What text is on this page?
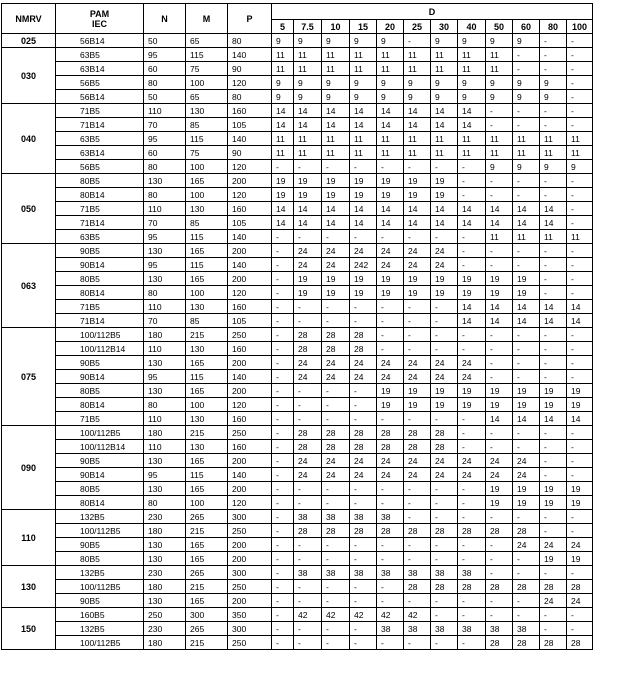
NMRV	PAM
IEC	N	M	P	D											
					5	7.5	10	15	20	25	30	40	50	60	80	100
025	56B14	50	65	80	9	9	9	9	9	-	9	9	9	9	-	-
030	63B5	95	115	140	11	11	11	11	11	11	11	11	11	-	-	-
	63B14	60	75	90	11	11	11	11	11	11	11	11	11	-	-	-
	56B5	80	100	120	9	9	9	9	9	9	9	9	9	9	9	-
	56B14	50	65	80	9	9	9	9	9	9	9	9	9	9	9	-
040	71B5	110	130	160	14	14	14	14	14	14	14	14	-	-	-	-
	71B14	70	85	105	14	14	14	14	14	14	14	14	-	-	-	-
	63B5	95	115	140	11	11	11	11	11	11	11	11	11	11	11	11
	63B14	60	75	90	11	11	11	11	11	11	11	11	11	11	11	11
	56B5	80	100	120	-	-	-	-	-	-	-	-	9	9	9	9
050	80B5	130	165	200	19	19	19	19	19	19	19	-	-	-	-	-
	80B14	80	100	120	19	19	19	19	19	19	19	-	-	-	-	-
	71B5	110	130	160	14	14	14	14	14	14	14	14	14	14	14	-
	71B14	70	85	105	14	14	14	14	14	14	14	14	14	14	14	-
	63B5	95	115	140	-	-	-	-	-	-	-	-	11	11	11	11
063	90B5	130	165	200	-	24	24	24	24	24	24	-	-	-	-	-
	90B14	95	115	140	-	24	24	242	24	24	24	-	-	-	-	-
	80B5	130	165	200	-	19	19	19	19	19	19	19	19	19	-	-
	80B14	80	100	120	-	19	19	19	19	19	19	19	19	19	-	-
	71B5	110	130	160	-	-	-	-	-	-	-	14	14	14	14	14
	71B14	70	85	105	-	-	-	-	-	-	-	14	14	14	14	14
075	100/112B5	180	215	250	-	28	28	28	-	-	-	-	-	-	-	-
	100/112B14	110	130	160	-	28	28	28	-	-	-	-	-	-	-	-
	90B5	130	165	200	-	24	24	24	24	24	24	24	-	-	-	-
	90B14	95	115	140	-	24	24	24	24	24	24	24	-	-	-	-
	80B5	130	165	200	-	-	-	-	19	19	19	19	19	19	19	19
	80B14	80	100	120	-	-	-	-	19	19	19	19	19	19	19	19
	71B5	110	130	160	-	-	-	-	-	-	-	-	14	14	14	14
090	100/112B5	180	215	250	-	28	28	28	28	28	28	-	-	-	-	-
	100/112B14	110	130	160	-	28	28	28	28	28	28	-	-	-	-	-
	90B5	130	165	200	-	24	24	24	24	24	24	24	24	24	-	-
	90B14	95	115	140	-	24	24	24	24	24	24	24	24	24	-	-
	80B5	130	165	200	-	-	-	-	-	-	-	-	19	19	19	19
	80B14	80	100	120	-	-	-	-	-	-	-	-	19	19	19	19
110	132B5	230	265	300	-	38	38	38	38	-	-	-	-	-	-	-
	100/112B5	180	215	250	-	28	28	28	28	28	28	28	28	28	-	-
	90B5	130	165	200	-	-	-	-	-	-	-	-	-	24	24	24
	80B5	130	165	200	-	-	-	-	-	-	-	-	-	-	19	19
130	132B5	230	265	300	-	38	38	38	38	38	38	38	-	-	-	-
	100/112B5	180	215	250	-	-	-	-	-	28	28	28	28	28	28	28
	90B5	130	165	200	-	-	-	-	-	-	-	-	-	-	24	24
150	160B5	250	300	350	-	42	42	42	42	42	-	-	-	-	-	-
	132B5	230	265	300	-	-	-	-	38	38	38	38	38	38	-	-
	100/112B5	180	215	250	-	-	-	-	-	-	-	-	28	28	28	28
